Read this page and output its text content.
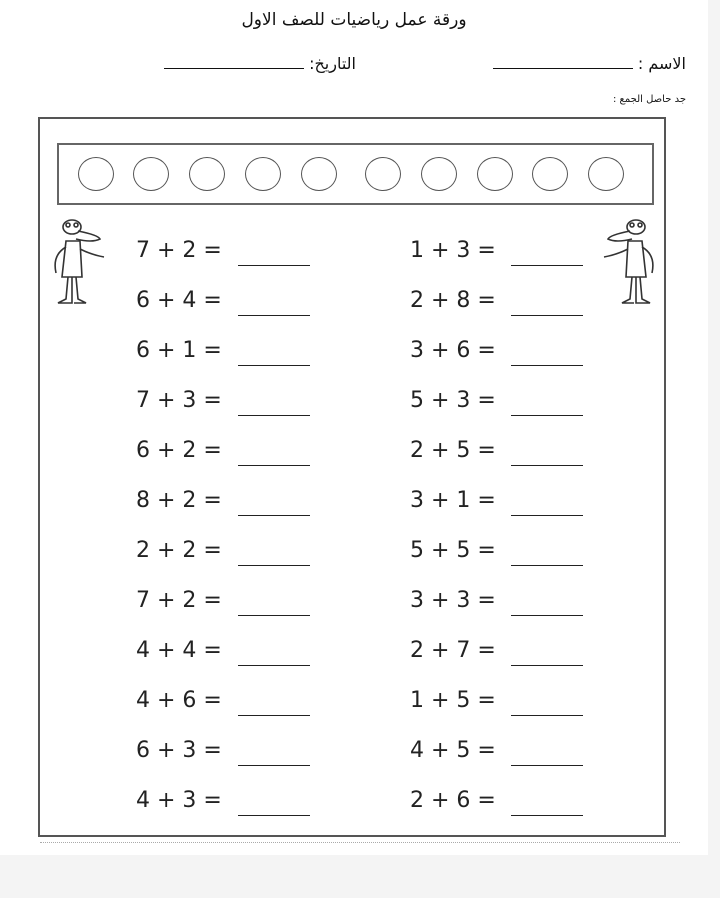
ورقة عمل رياضيات للصف الاول
الاسم :
التاريخ:
جد حاصل الجمع :
7 + 2 =
6 + 4 =
6 + 1 =
7 + 3 =
6 + 2 =
8 + 2 =
2 + 2 =
7 + 2 =
4 + 4 =
4 + 6 =
6 + 3 =
4 + 3 =
1 + 3 =
2 + 8 =
3 + 6 =
5 + 3 =
2 + 5 =
3 + 1 =
5 + 5 =
3 + 3 =
2 + 7 =
1 + 5 =
4 + 5 =
2 + 6 =
